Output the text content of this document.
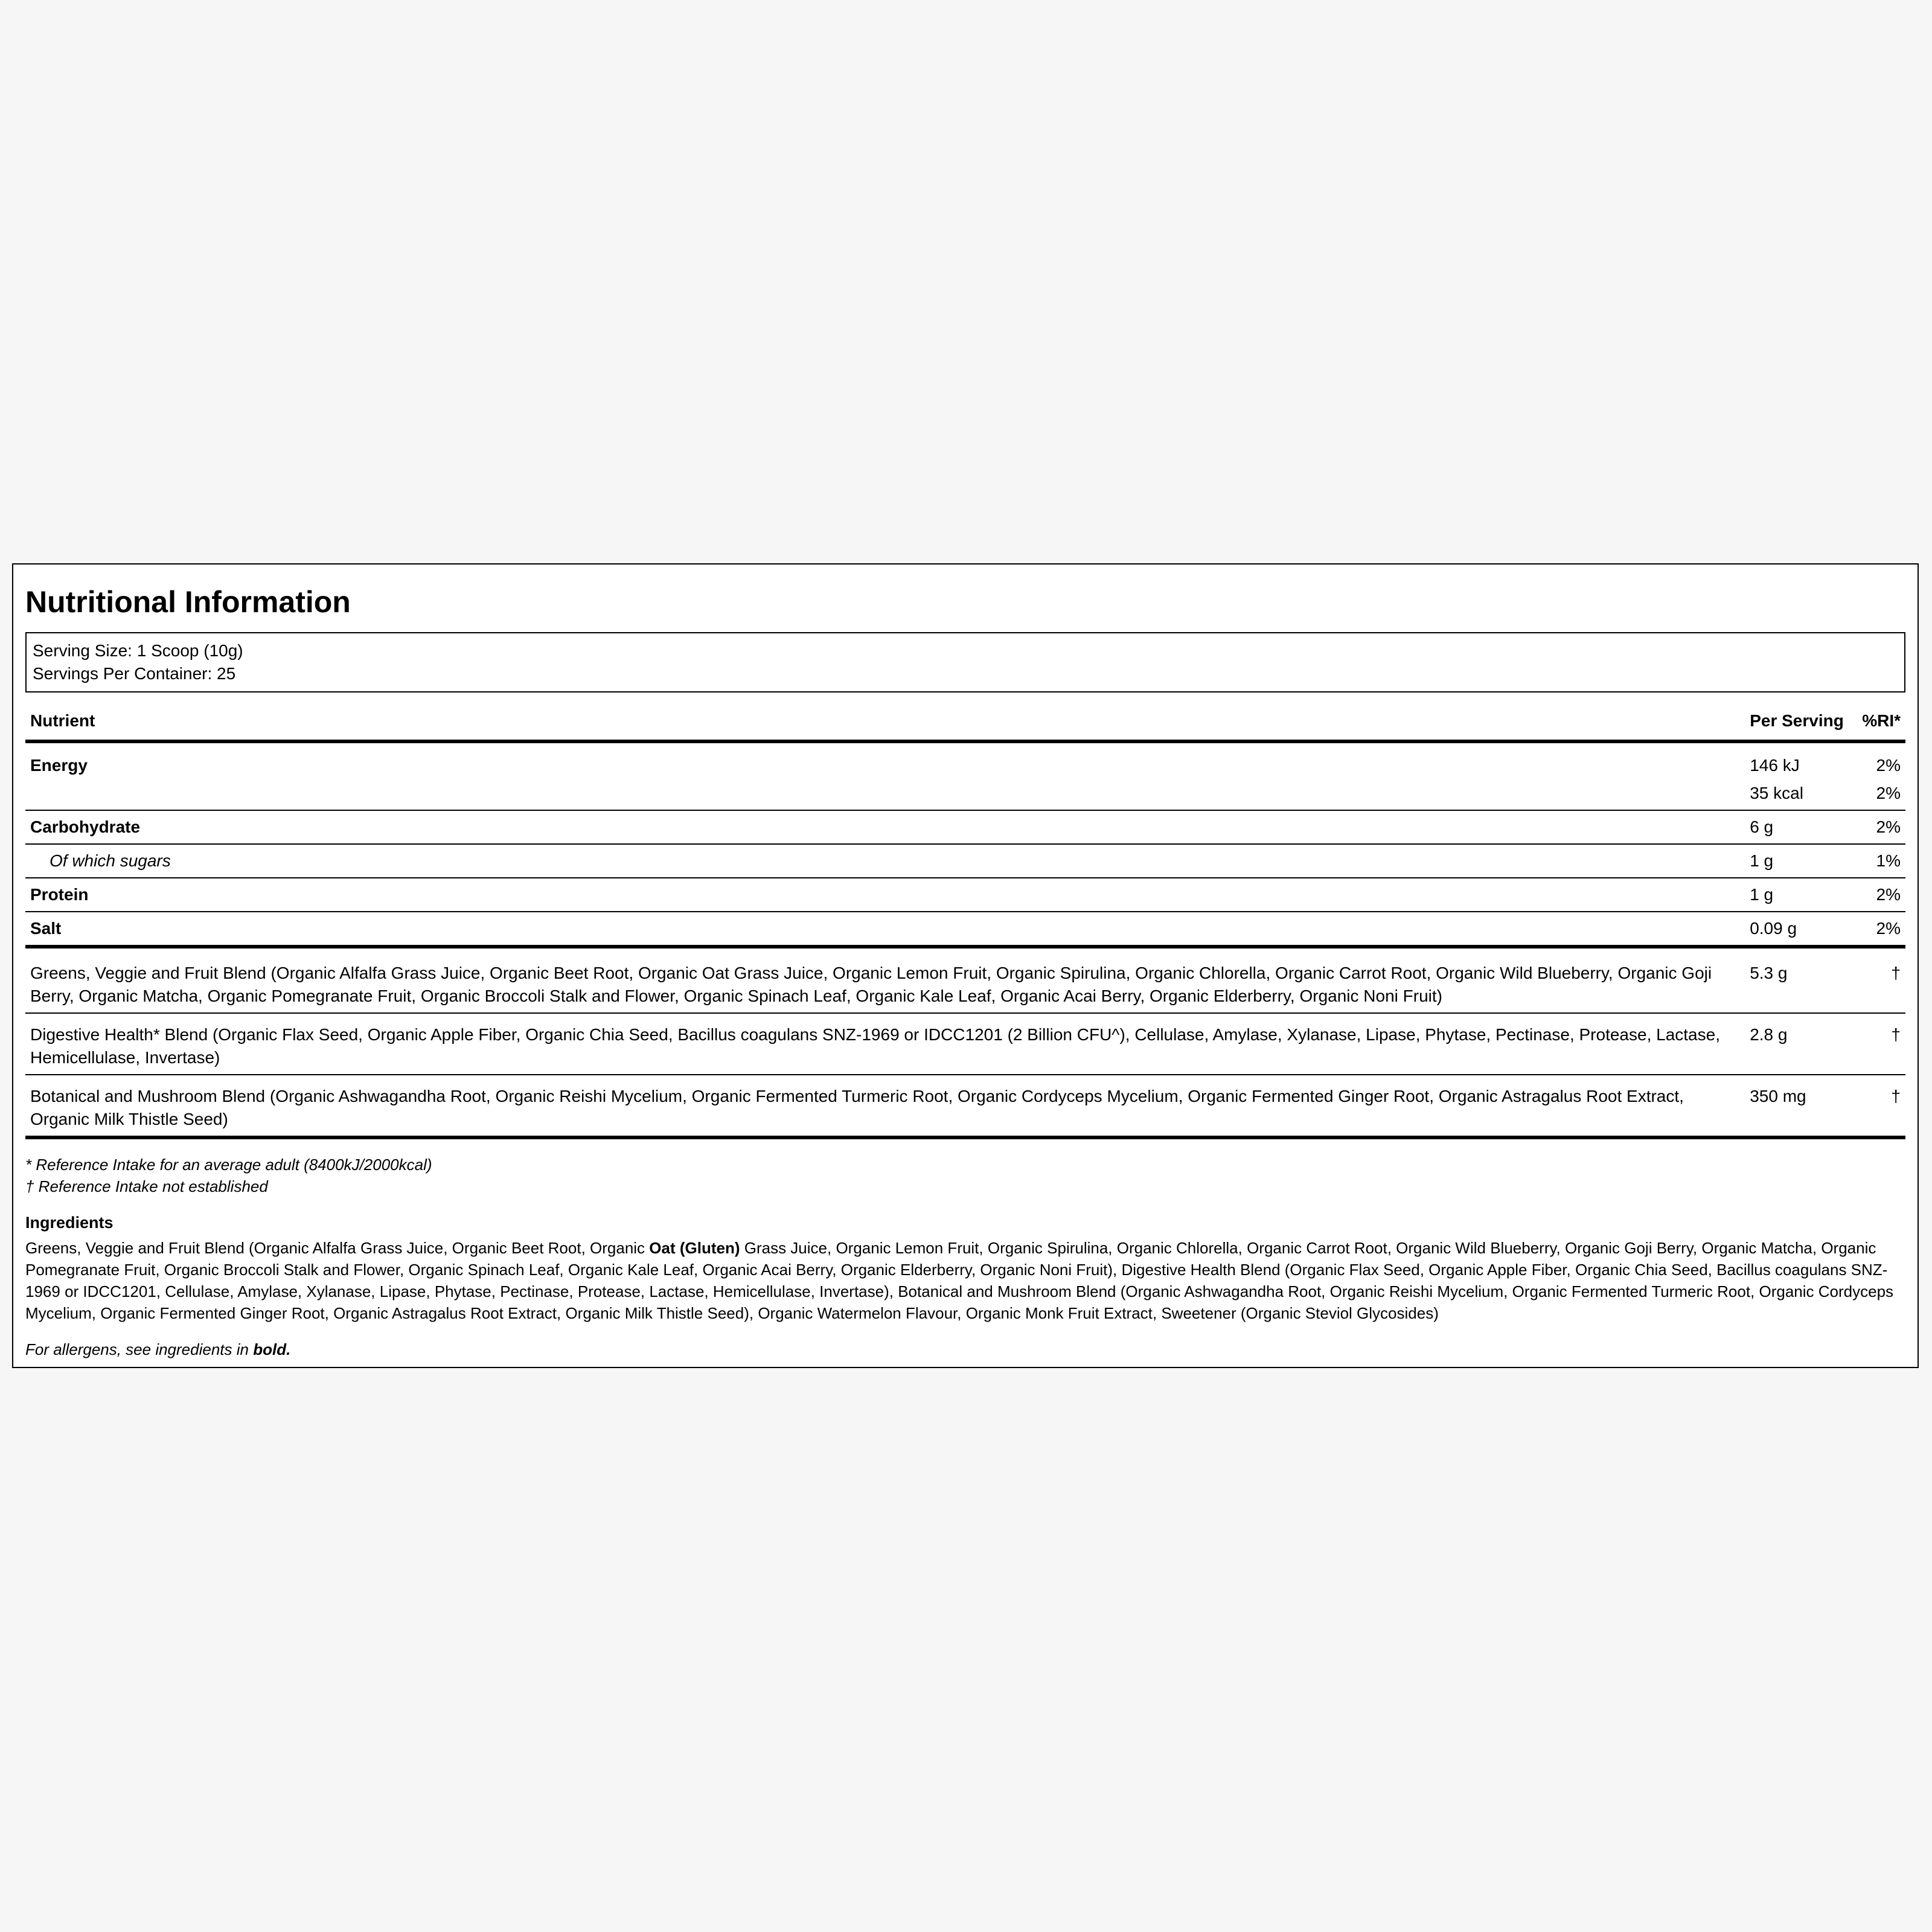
Nutritional Information
Serving Size: 1 Scoop (10g)
Servings Per Container: 25
Nutrient	Per Serving	%RI*
Energy	146 kJ	2%
	35 kcal	2%
Carbohydrate	6 g	2%
Of which sugars	1 g	1%
Protein	1 g	2%
Salt	0.09 g	2%
Greens, Veggie and Fruit Blend (Organic Alfalfa Grass Juice, Organic Beet Root, Organic Oat Grass Juice, Organic Lemon Fruit, Organic Spirulina, Organic Chlorella, Organic Carrot Root, Organic Wild Blueberry, Organic Goji Berry, Organic Matcha, Organic Pomegranate Fruit, Organic Broccoli Stalk and Flower, Organic Spinach Leaf, Organic Kale Leaf, Organic Acai Berry, Organic Elderberry, Organic Noni Fruit)	5.3 g	†
Digestive Health* Blend (Organic Flax Seed, Organic Apple Fiber, Organic Chia Seed, Bacillus coagulans SNZ-1969 or IDCC1201 (2 Billion CFU^), Cellulase, Amylase, Xylanase, Lipase, Phytase, Pectinase, Protease, Lactase, Hemicellulase, Invertase)	2.8 g	†
Botanical and Mushroom Blend (Organic Ashwagandha Root, Organic Reishi Mycelium, Organic Fermented Turmeric Root, Organic Cordyceps Mycelium, Organic Fermented Ginger Root, Organic Astragalus Root Extract, Organic Milk Thistle Seed)	350 mg	†
* Reference Intake for an average adult (8400kJ/2000kcal)
† Reference Intake not established
Ingredients
Greens, Veggie and Fruit Blend (Organic Alfalfa Grass Juice, Organic Beet Root, Organic Oat (Gluten) Grass Juice, Organic Lemon Fruit, Organic Spirulina, Organic Chlorella, Organic Carrot Root, Organic Wild Blueberry, Organic Goji Berry, Organic Matcha, Organic Pomegranate Fruit, Organic Broccoli Stalk and Flower, Organic Spinach Leaf, Organic Kale Leaf, Organic Acai Berry, Organic Elderberry, Organic Noni Fruit), Digestive Health Blend (Organic Flax Seed, Organic Apple Fiber, Organic Chia Seed, Bacillus coagulans SNZ-1969 or IDCC1201, Cellulase, Amylase, Xylanase, Lipase, Phytase, Pectinase, Protease, Lactase, Hemicellulase, Invertase), Botanical and Mushroom Blend (Organic Ashwagandha Root, Organic Reishi Mycelium, Organic Fermented Turmeric Root, Organic Cordyceps Mycelium, Organic Fermented Ginger Root, Organic Astragalus Root Extract, Organic Milk Thistle Seed), Organic Watermelon Flavour, Organic Monk Fruit Extract, Sweetener (Organic Steviol Glycosides)
For allergens, see ingredients in bold.
